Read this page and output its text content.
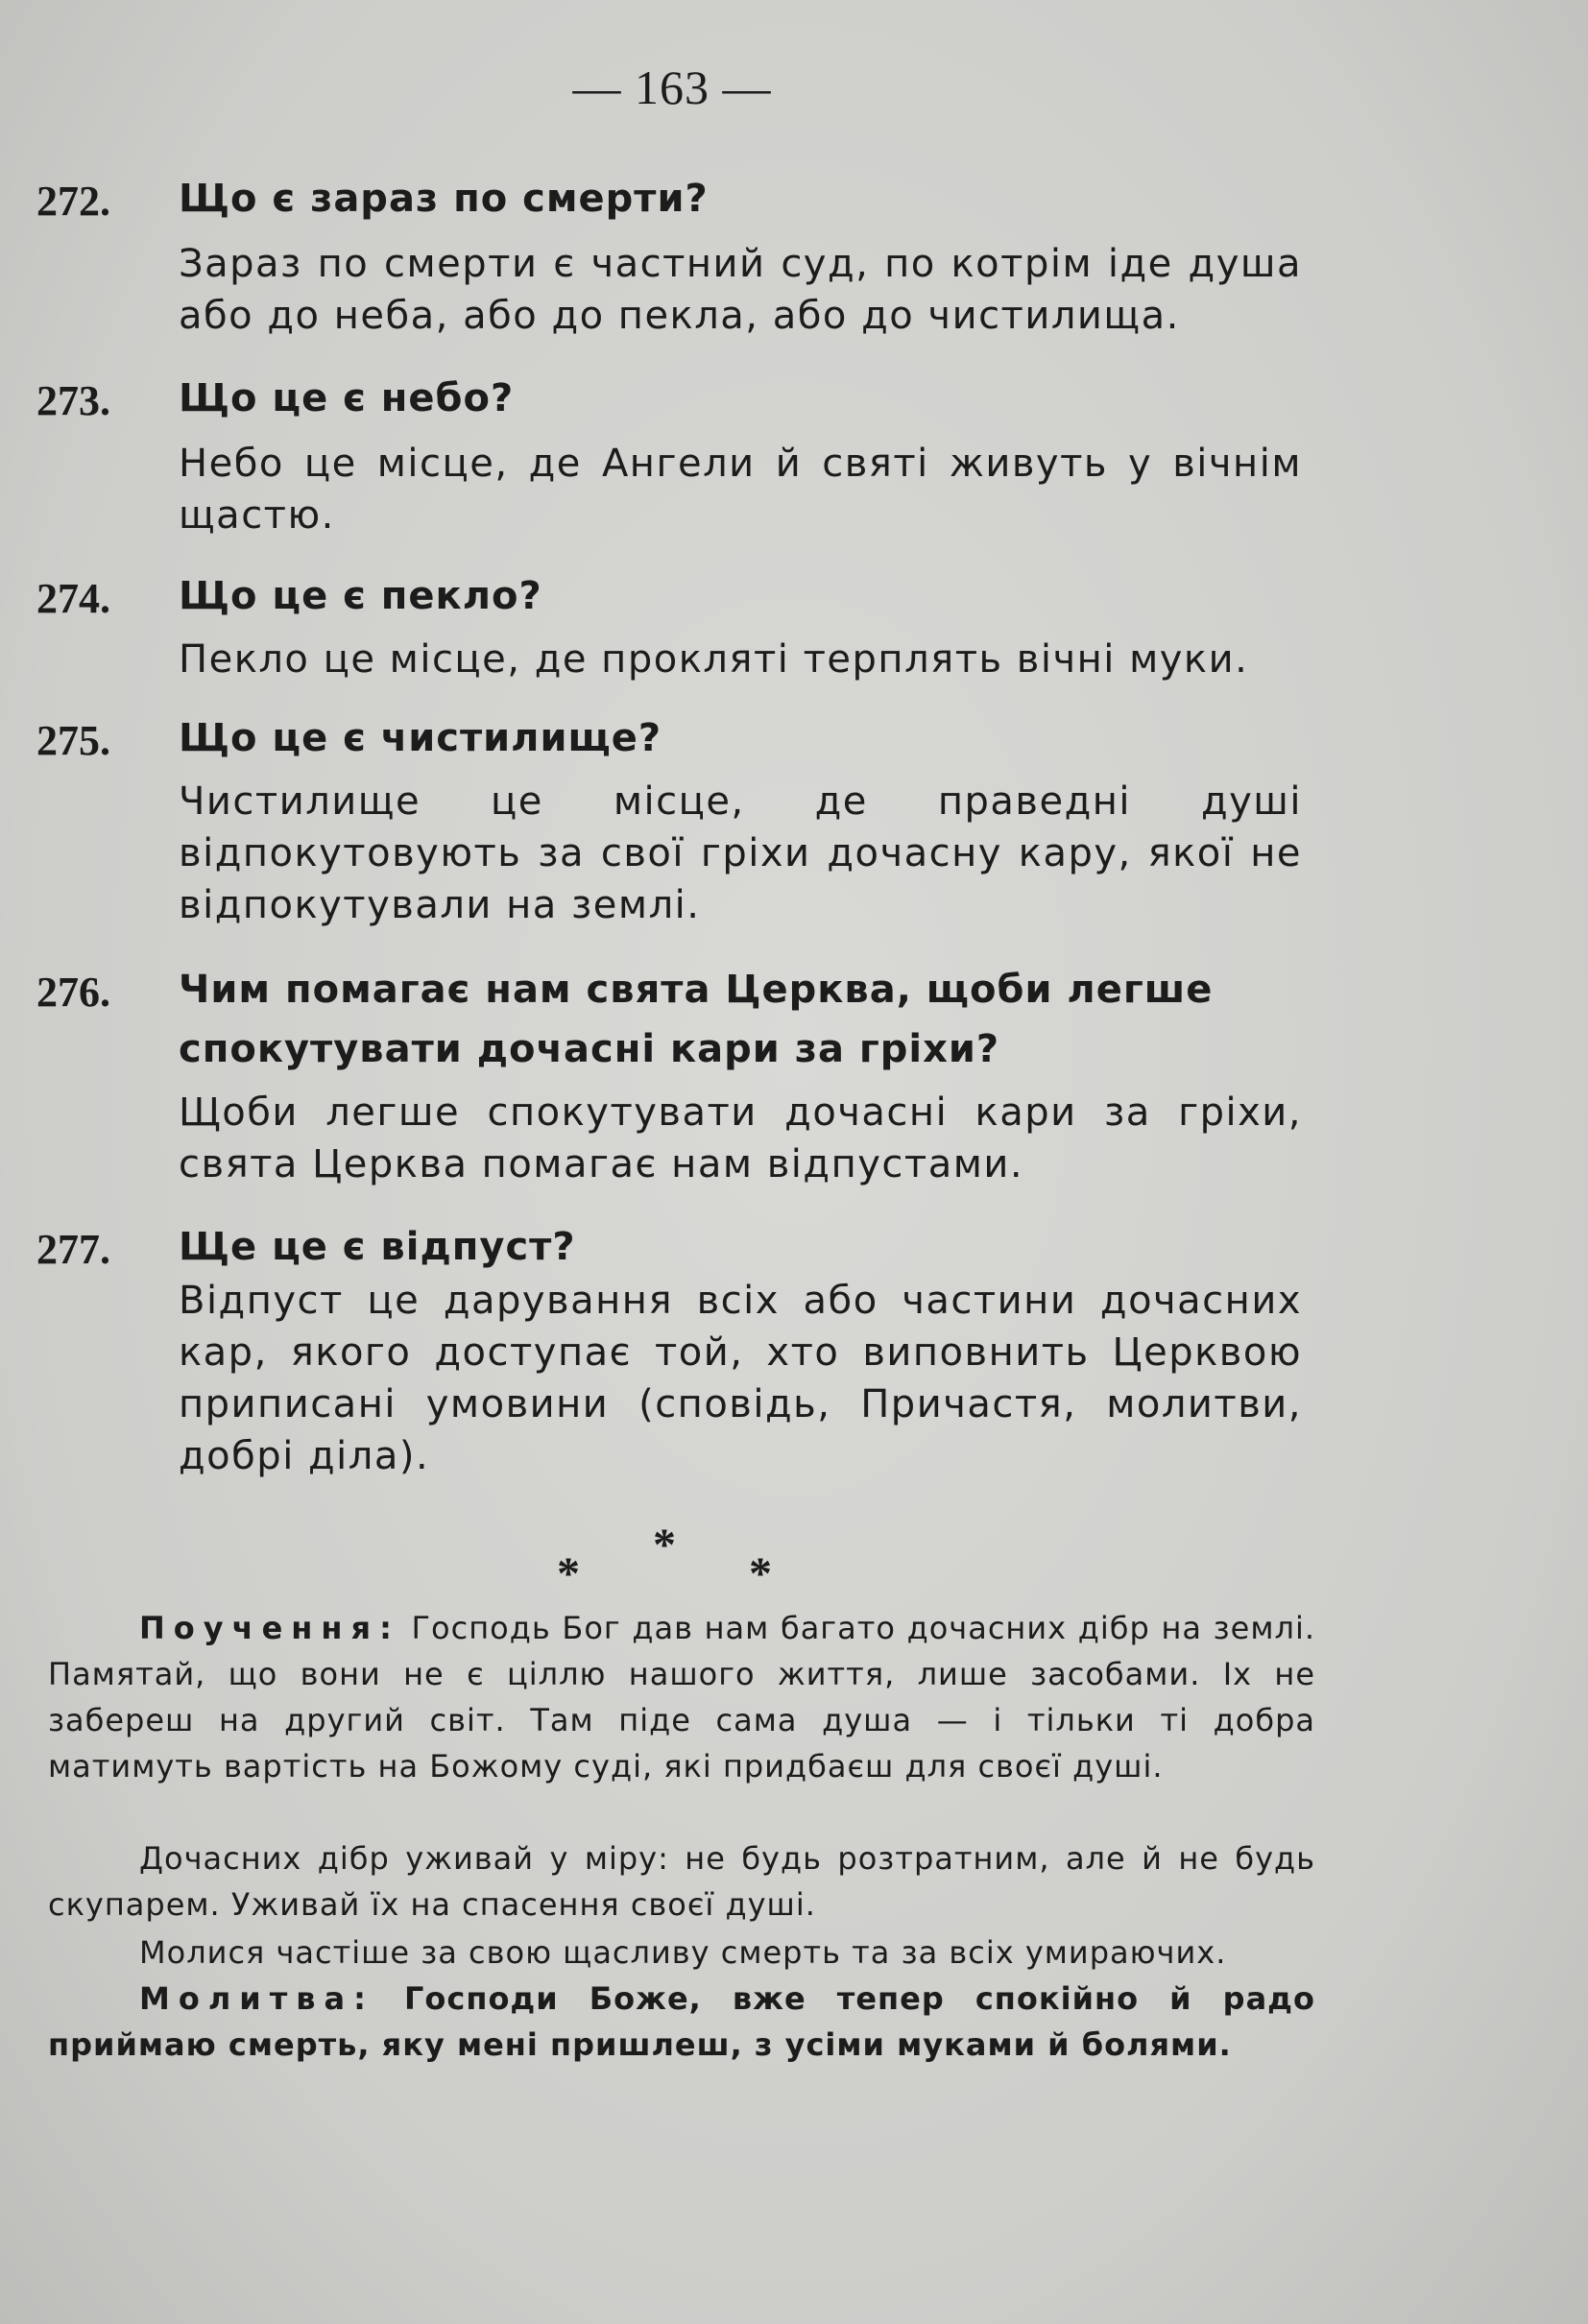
— 163 —
272. Що є зараз по смерти?
Зараз по смерти є частний суд, по котрім іде душа або до неба, або до пекла, або до чистилища.
273. Що це є небо?
Небо це місце, де Ангели й святі живуть у вічнім щастю.
274. Що це є пекло?
Пекло це місце, де проклятi терплять вічні муки.
275. Що це є чистилище?
Чистилище це місце, де праведні душі відпокутовують за свої гріхи дочасну кару, якої не відпокутували на землі.
276. Чим помагає нам свята Церква, щоби легше спокутувати дочасні кари за гріхи?
Щоби легше спокутувати дочасні кари за гріхи, свята Церква помагає нам відпустами.
277. Ще це є відпуст?
Відпуст це дарування всіх або частини дочасних кар, якого доступає той, хто виповнить Церквою приписані умовини (сповідь, Причастя, молитви, добрі діла).
*
*	*
Поучення: Господь Бог дав нам багато дочасних дібр на землі. Памятай, що вони не є ціллю нашого життя, лише засобами. Іх не забереш на другий світ. Там піде сама душа — і тільки ті добра матимуть вартість на Божому суді, які придбаєш для своєї душі.
Дочасних дібр уживай у міру: не будь розтратним, але й не будь скупарем. Уживай їх на спасення своєї душі.
Молися частіше за свою щасливу смерть та за всіх умираючих.
Молитва: Господи Боже, вже тепер спокійно й радо приймаю смерть, яку мені пришлеш, з усіми муками й болями.
